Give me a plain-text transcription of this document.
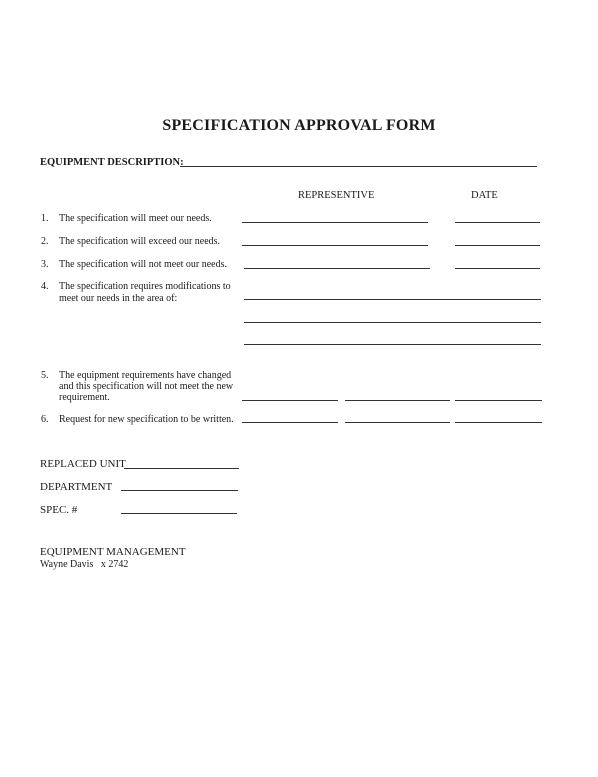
SPECIFICATION APPROVAL FORM
EQUIPMENT DESCRIPTION:
REPRESENTIVE	DATE
1. The specification will meet our needs.
2. The specification will exceed our needs.
3. The specification will not meet our needs.
4. The specification requires modifications to
meet our needs in the area of:
5. The equipment requirements have changed
and this specification will not meet the new
requirement.
6. Request for new specification to be written.
REPLACED UNIT
DEPARTMENT
SPEC. #
EQUIPMENT MANAGEMENT
Wayne Davis   x 2742
